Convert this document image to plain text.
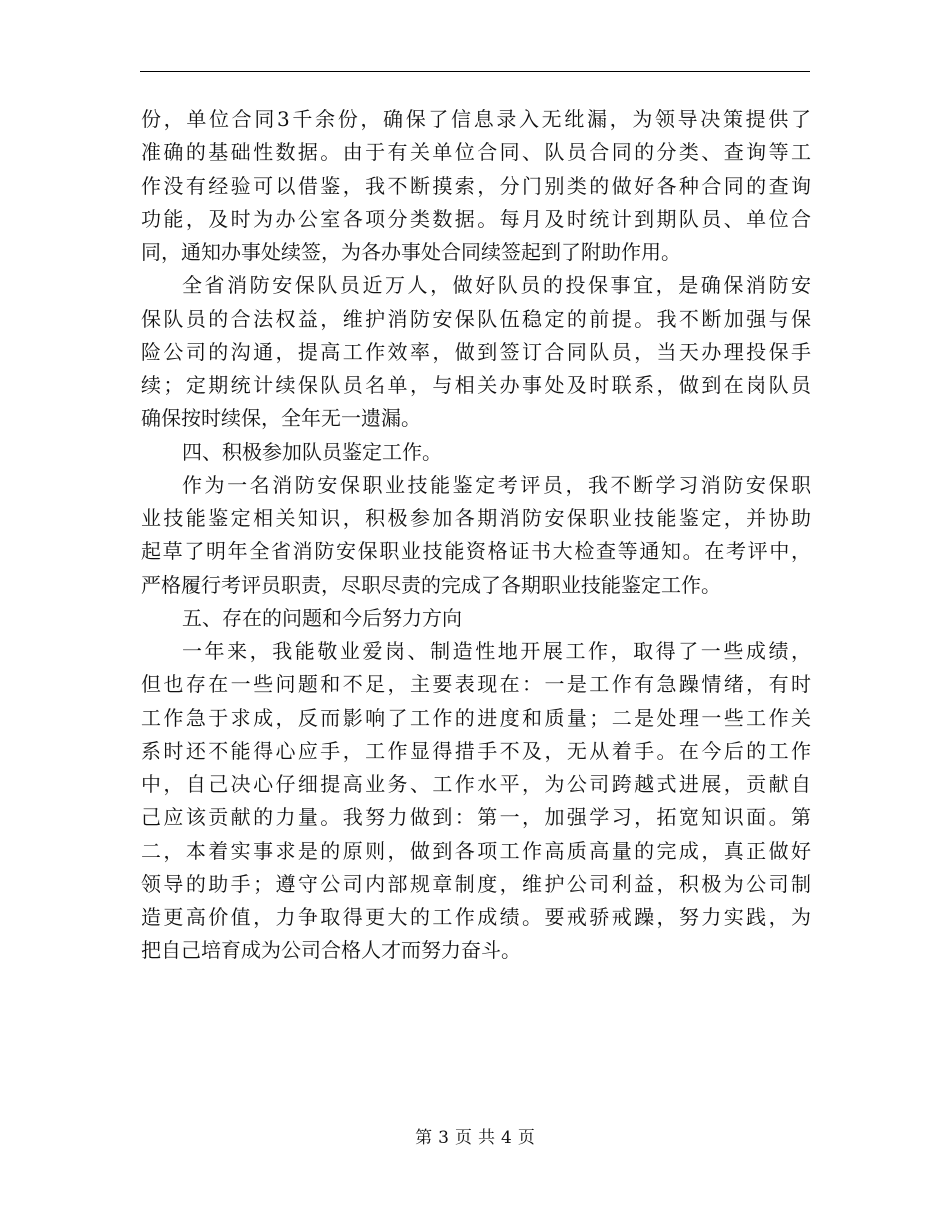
份，单位合同3千余份，确保了信息录入无纰漏，为领导决策提供了
准确的基础性数据。由于有关单位合同、队员合同的分类、查询等工
作没有经验可以借鉴，我不断摸索，分门别类的做好各种合同的查询
功能，及时为办公室各项分类数据。每月及时统计到期队员、单位合
同，通知办事处续签，为各办事处合同续签起到了附助作用。
全省消防安保队员近万人，做好队员的投保事宜，是确保消防安
保队员的合法权益，维护消防安保队伍稳定的前提。我不断加强与保
险公司的沟通，提高工作效率，做到签订合同队员，当天办理投保手
续；定期统计续保队员名单，与相关办事处及时联系，做到在岗队员
确保按时续保，全年无一遗漏。
四、积极参加队员鉴定工作。
作为一名消防安保职业技能鉴定考评员，我不断学习消防安保职
业技能鉴定相关知识，积极参加各期消防安保职业技能鉴定，并协助
起草了明年全省消防安保职业技能资格证书大检查等通知。在考评中，
严格履行考评员职责，尽职尽责的完成了各期职业技能鉴定工作。
五、存在的问题和今后努力方向
一年来，我能敬业爱岗、制造性地开展工作，取得了一些成绩，
但也存在一些问题和不足，主要表现在：一是工作有急躁情绪，有时
工作急于求成，反而影响了工作的进度和质量；二是处理一些工作关
系时还不能得心应手，工作显得措手不及，无从着手。在今后的工作
中，自己决心仔细提高业务、工作水平，为公司跨越式进展，贡献自
己应该贡献的力量。我努力做到：第一，加强学习，拓宽知识面。第
二，本着实事求是的原则，做到各项工作高质高量的完成，真正做好
领导的助手；遵守公司内部规章制度，维护公司利益，积极为公司制
造更高价值，力争取得更大的工作成绩。要戒骄戒躁，努力实践，为
把自己培育成为公司合格人才而努力奋斗。
第 3 页 共 4 页
